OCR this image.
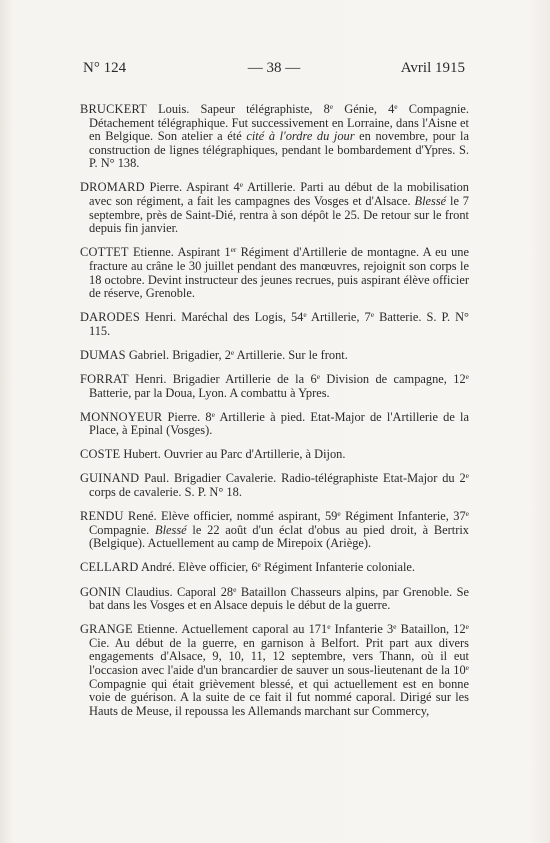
N° 124	— 38 —	Avril 1915

BRUCKERT Louis. Sapeur télégraphiste, 8e Génie, 4e Compagnie. Détachement télégraphique. Fut successivement en Lorraine, dans l'Aisne et en Belgique. Son atelier a été cité à l'ordre du jour en novembre, pour la construction de lignes télégraphiques, pendant le bombardement d'Ypres. S. P. N° 138.

DROMARD Pierre. Aspirant 4e Artillerie. Parti au début de la mobilisation avec son régiment, a fait les campagnes des Vosges et d'Alsace. Blessé le 7 septembre, près de Saint-Dié, rentra à son dépôt le 25. De retour sur le front depuis fin janvier.

COTTET Etienne. Aspirant 1er Régiment d'Artillerie de montagne. A eu une fracture au crâne le 30 juillet pendant des manœuvres, rejoignit son corps le 18 octobre. Devint instructeur des jeunes recrues, puis aspirant élève officier de réserve, Grenoble.

DARODES Henri. Maréchal des Logis, 54e Artillerie, 7e Batterie. S. P. N° 115.

DUMAS Gabriel. Brigadier, 2e Artillerie. Sur le front.

FORRAT Henri. Brigadier Artillerie de la 6e Division de campagne, 12e Batterie, par la Doua, Lyon. A combattu à Ypres.

MONNOYEUR Pierre. 8e Artillerie à pied. Etat-Major de l'Artillerie de la Place, à Epinal (Vosges).

COSTE Hubert. Ouvrier au Parc d'Artillerie, à Dijon.

GUINAND Paul. Brigadier Cavalerie. Radio-télégraphiste Etat-Major du 2e corps de cavalerie. S. P. N° 18.

RENDU René. Elève officier, nommé aspirant, 59e Régiment Infanterie, 37e Compagnie. Blessé le 22 août d'un éclat d'obus au pied droit, à Bertrix (Belgique). Actuellement au camp de Mirepoix (Ariège).

CELLARD André. Elève officier, 6e Régiment Infanterie coloniale.

GONIN Claudius. Caporal 28e Bataillon Chasseurs alpins, par Grenoble. Se bat dans les Vosges et en Alsace depuis le début de la guerre.

GRANGE Etienne. Actuellement caporal au 171e Infanterie 3e Bataillon, 12e Cie. Au début de la guerre, en garnison à Belfort. Prit part aux divers engagements d'Alsace, 9, 10, 11, 12 septembre, vers Thann, où il eut l'occasion avec l'aide d'un brancardier de sauver un sous-lieutenant de la 10e Compagnie qui était grièvement blessé, et qui actuellement est en bonne voie de guérison. A la suite de ce fait il fut nommé caporal. Dirigé sur les Hauts de Meuse, il repoussa les Allemands marchant sur Commercy,
